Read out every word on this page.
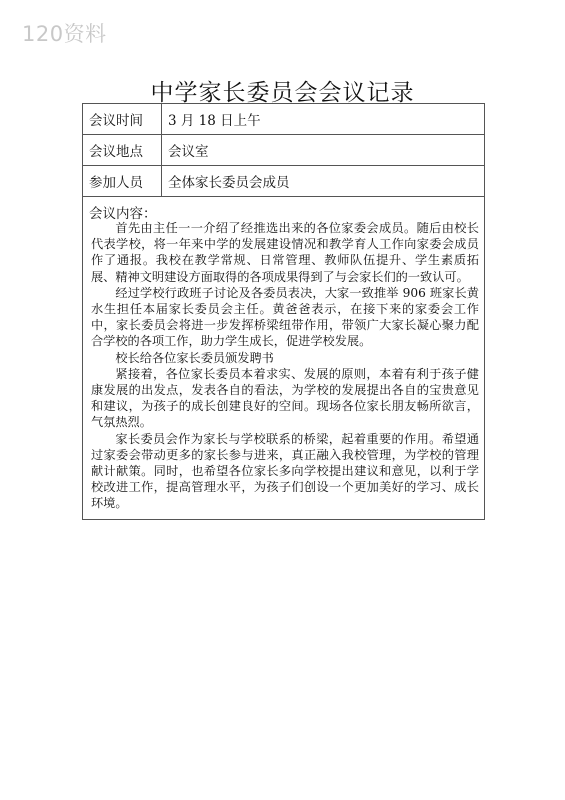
120资料
中学家长委员会会议记录
会议时间	3 月 18 日上午
会议地点	会议室
参加人员	全体家长委员会成员
会议内容：

首先由主任一一介绍了经推选出来的各位家委会成员。随后由校长代表学校，将一年来中学的发展建设情况和教学育人工作向家委会成员作了通报。我校在教学常规、日常管理、教师队伍提升、学生素质拓展、精神文明建设方面取得的各项成果得到了与会家长们的一致认可。

经过学校行政班子讨论及各委员表决，大家一致推举 906 班家长黄水生担任本届家长委员会主任。黄爸爸表示，在接下来的家委会工作中，家长委员会将进一步发挥桥梁纽带作用，带领广大家长凝心聚力配合学校的各项工作，助力学生成长，促进学校发展。

校长给各位家长委员颁发聘书

紧接着，各位家长委员本着求实、发展的原则，本着有利于孩子健康发展的出发点，发表各自的看法，为学校的发展提出各自的宝贵意见和建议，为孩子的成长创建良好的空间。现场各位家长朋友畅所欲言，气氛热烈。

家长委员会作为家长与学校联系的桥梁，起着重要的作用。希望通过家委会带动更多的家长参与进来，真正融入我校管理，为学校的管理献计献策。同时，也希望各位家长多向学校提出建议和意见，以利于学校改进工作，提高管理水平，为孩子们创设一个更加美好的学习、成长环境。
